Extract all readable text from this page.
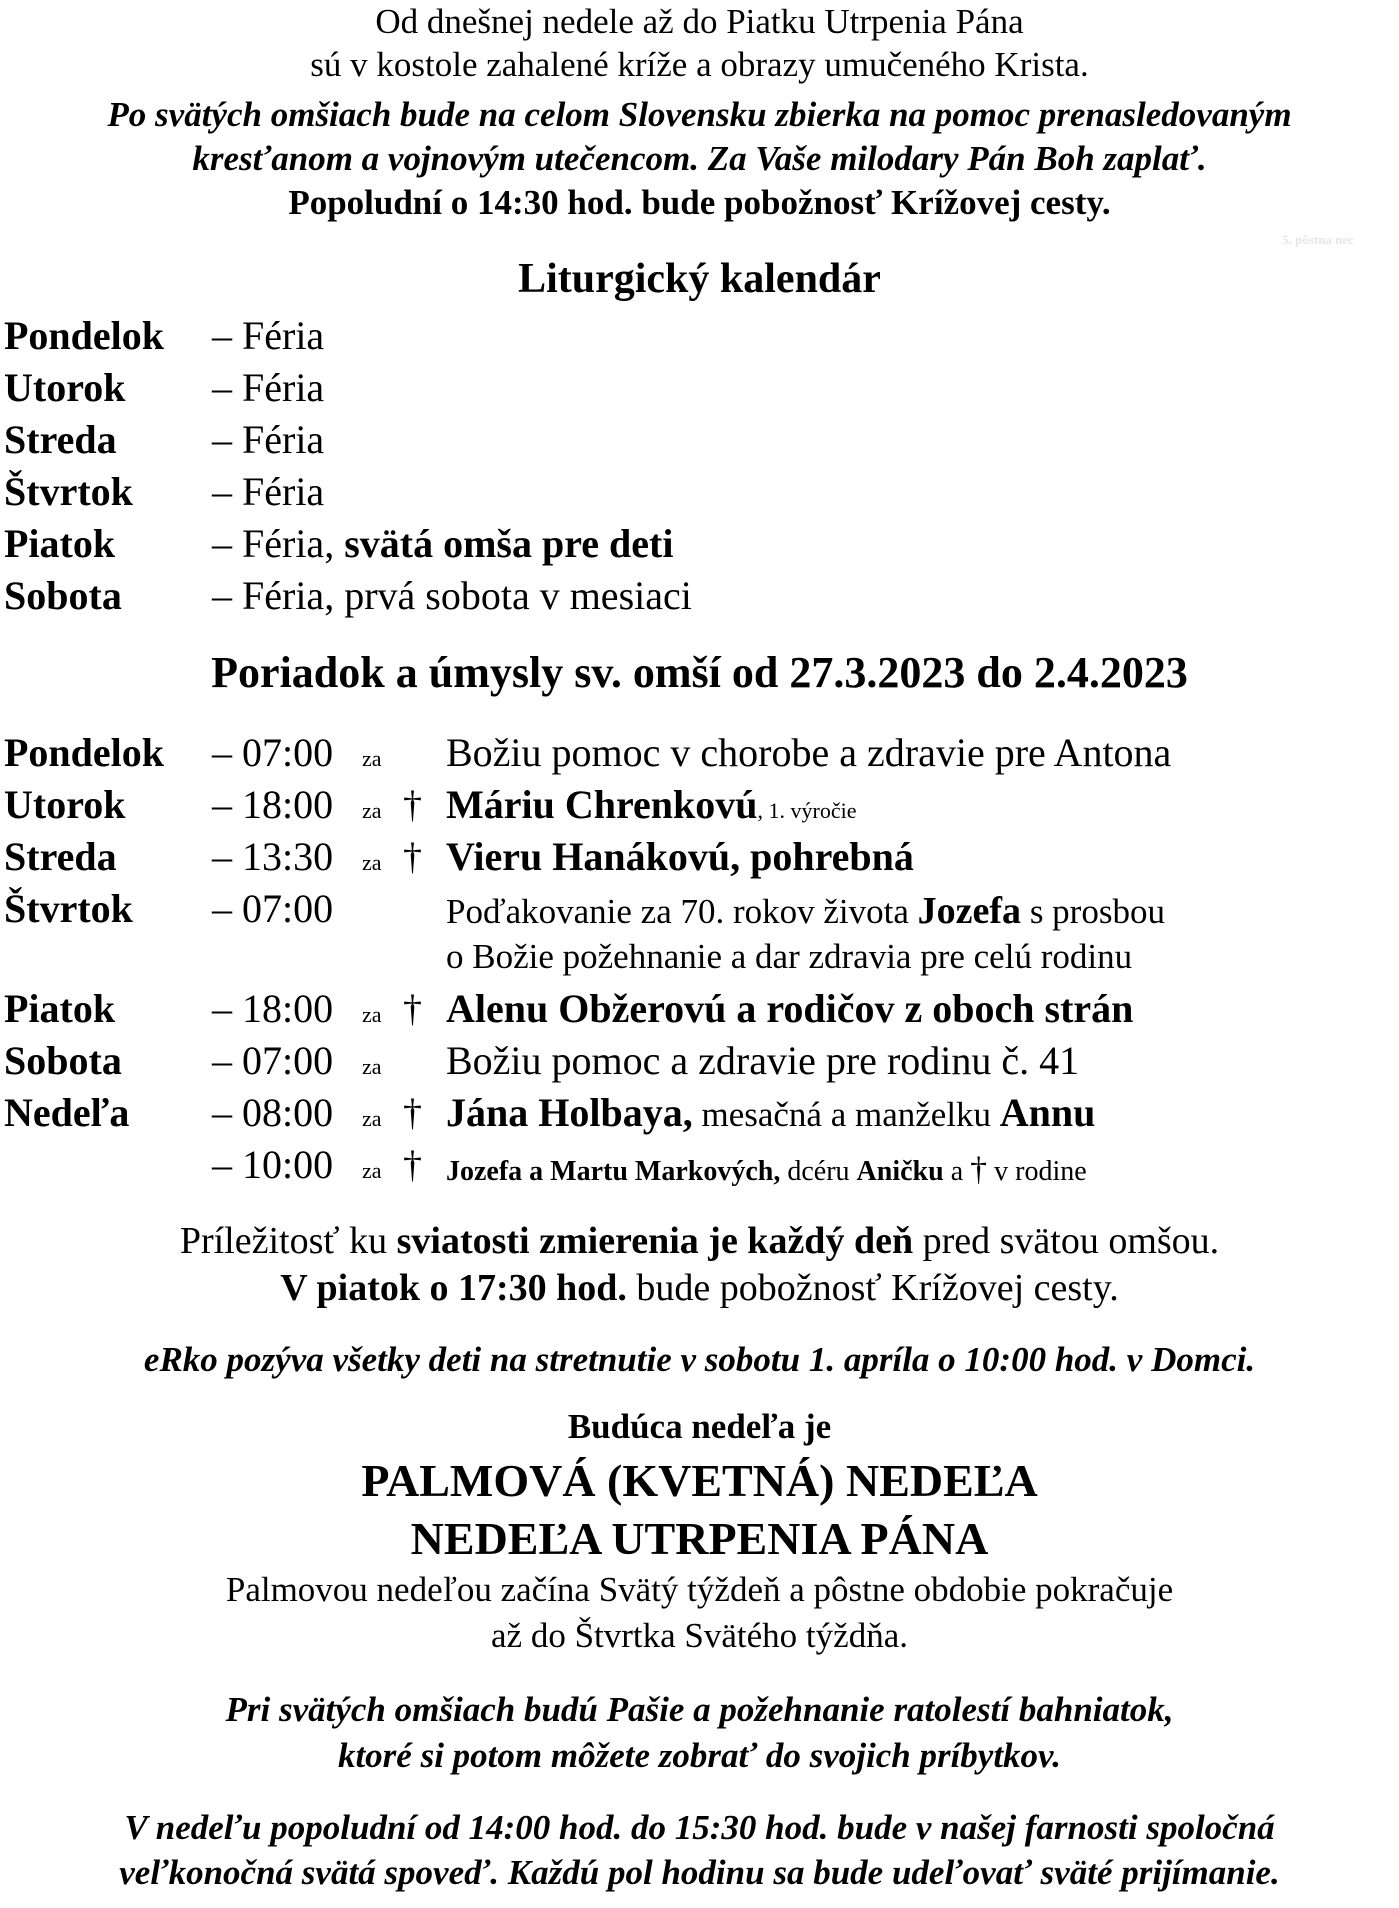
Od dnešnej nedele až do Piatku Utrpenia Pána
sú v kostole zahalené kríže a obrazy umučeného Krista.
Po svätých omšiach bude na celom Slovensku zbierka na pomoc prenasledovaným
kresťanom a vojnovým utečencom. Za Vaše milodary Pán Boh zaplať.
Popoludní o 14:30 hod. bude pobožnosť Krížovej cesty.
5. pôstna nec
Liturgický kalendár
Pondelok – Féria
Utorok – Féria
Streda – Féria
Štvrtok – Féria
Piatok – Féria, svätá omša pre deti
Sobota – Féria, prvá sobota v mesiaci
Poriadok a úmysly sv. omší od 27.3.2023 do 2.4.2023
Pondelok – 07:00 za Božiu pomoc v chorobe a zdravie pre Antona
Utorok – 18:00 za † Máriu Chrenkovú, 1. výročie
Streda – 13:30 za † Vieru Hanákovú, pohrebná
Štvrtok – 07:00	Poďakovanie za 70. rokov života Jozefa s prosbou
o Božie požehnanie a dar zdravia pre celú rodinu
Piatok – 18:00 za † Alenu Obžerovú a rodičov z oboch strán
Sobota – 07:00 za Božiu pomoc a zdravie pre rodinu č. 41
Nedeľa – 08:00 za † Jána Holbaya, mesačná a manželku Annu
– 10:00 za † Jozefa a Martu Markových, dcéru Aničku a † v rodine
Príležitosť ku sviatosti zmierenia je každý deň pred svätou omšou.
V piatok o 17:30 hod. bude pobožnosť Krížovej cesty.
eRko pozýva všetky deti na stretnutie v sobotu 1. apríla o 10:00 hod. v Domci.
Budúca nedeľa je
PALMOVÁ (KVETNÁ) NEDEĽA
NEDEĽA UTRPENIA PÁNA
Palmovou nedeľou začína Svätý týždeň a pôstne obdobie pokračuje
až do Štvrtka Svätého týždňa.
Pri svätých omšiach budú Pašie a požehnanie ratolestí bahniatok,
ktoré si potom môžete zobrať do svojich príbytkov.
V nedeľu popoludní od 14:00 hod. do 15:30 hod. bude v našej farnosti spoločná
veľkonočná svätá spoveď. Každú pol hodinu sa bude udeľovať sväté prijímanie.
